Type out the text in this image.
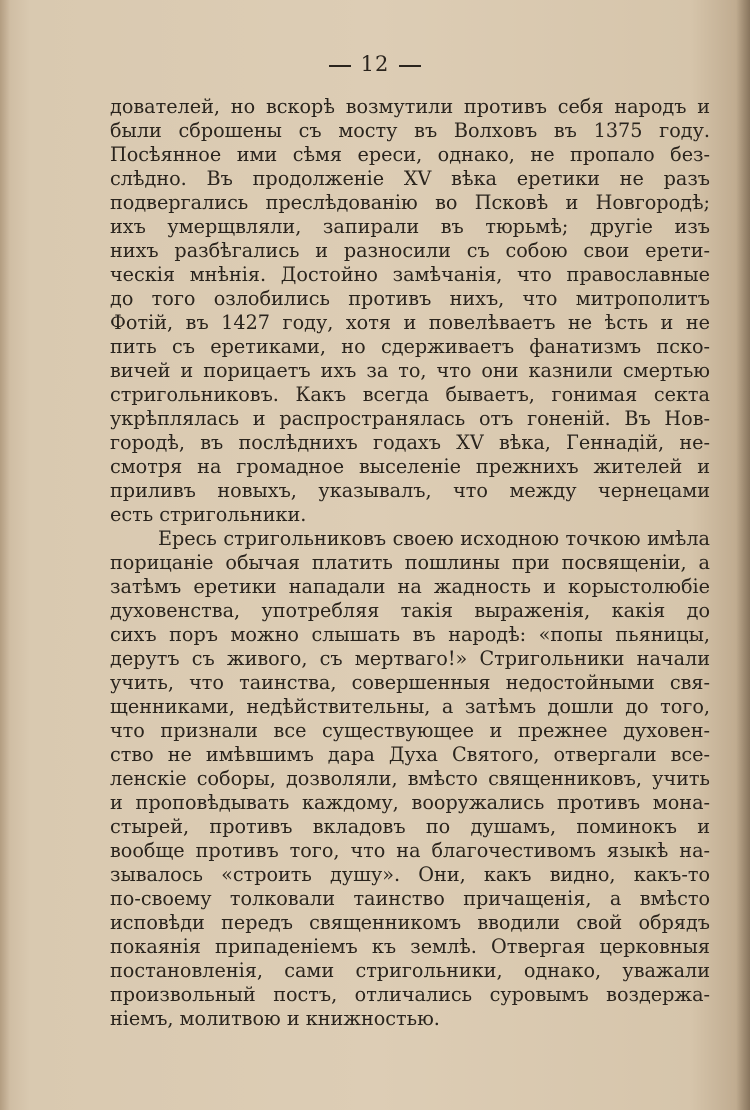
12
дователей, но вскорѣ возмутили противъ себя народъ и
были сброшены съ мосту въ Волховъ въ 1375 году.
Посѣянное ими сѣмя ереси, однако, не пропало без-
слѣдно. Въ продолженіе XV вѣка еретики не разъ
подвергались преслѣдованію во Псковѣ и Новгородѣ;
ихъ умерщвляли, запирали въ тюрьмѣ; другіе изъ
нихъ разбѣгались и разносили съ собою свои ерети-
ческія мнѣнія. Достойно замѣчанія, что православные
до того озлобились противъ нихъ, что митрополитъ
Фотій, въ 1427 году, хотя и повелѣваетъ не ѣсть и не
пить съ еретиками, но сдерживаетъ фанатизмъ пско-
вичей и порицаетъ ихъ за то, что они казнили смертью
стригольниковъ. Какъ всегда бываетъ, гонимая секта
укрѣплялась и распространялась отъ гоненій. Въ Нов-
городѣ, въ послѣднихъ годахъ XV вѣка, Геннадій, не-
смотря на громадное выселеніе прежнихъ жителей и
приливъ новыхъ, указывалъ, что между чернецами
есть стригольники.
Ересь стригольниковъ своею исходною точкою имѣла
порицаніе обычая платить пошлины при посвященіи, а
затѣмъ еретики нападали на жадность и корыстолюбіе
духовенства, употребляя такія выраженія, какія до
сихъ поръ можно слышать въ народѣ: «попы пьяницы,
дерутъ съ живого, съ мертваго!» Стригольники начали
учить, что таинства, совершенныя недостойными свя-
щенниками, недѣйствительны, а затѣмъ дошли до того,
что признали все существующее и прежнее духовен-
ство не имѣвшимъ дара Духа Святого, отвергали все-
ленскіе соборы, дозволяли, вмѣсто священниковъ, учить
и проповѣдывать каждому, вооружались противъ мона-
стырей, противъ вкладовъ по душамъ, поминокъ и
вообще противъ того, что на благочестивомъ языкѣ на-
зывалось «строить душу». Они, какъ видно, какъ-то
по-своему толковали таинство причащенія, а вмѣсто
исповѣди передъ священникомъ вводили свой обрядъ
покаянія припаденіемъ къ землѣ. Отвергая церковныя
постановленія, сами стригольники, однако, уважали
произвольный постъ, отличались суровымъ воздержа-
ніемъ, молитвою и книжностью.
